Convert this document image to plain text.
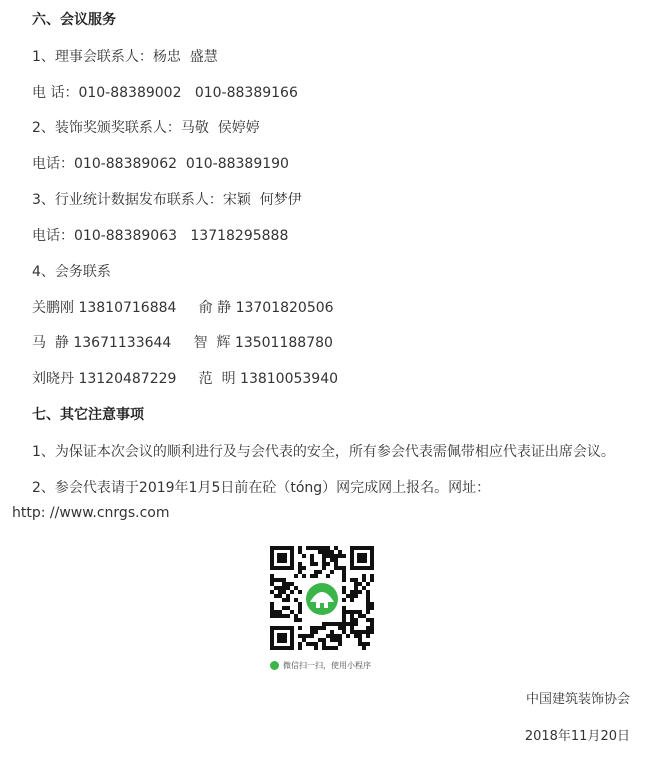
六、会议服务
1、理事会联系人：杨忠  盛慧
电 话：010-88389002   010-88389166
2、装饰奖颁奖联系人：马敬  侯婷婷
电话：010-88389062  010-88389190
3、行业统计数据发布联系人：宋颖  何梦伊
电话：010-88389063   13718295888
4、会务联系
关鹏刚 13810716884     俞 静 13701820506
马  静 13671133644     智  辉 13501188780
刘晓丹 13120487229     范  明 13810053940
七、其它注意事项
1、为保证本次会议的顺利进行及与会代表的安全，所有参会代表需佩带相应代表证出席会议。
2、参会代表请于2019年1月5日前在砼（tóng）网完成网上报名。网址：
http: //www.cnrgs.com
微信扫一扫，使用小程序
中国建筑装饰协会
2018年11月20日
